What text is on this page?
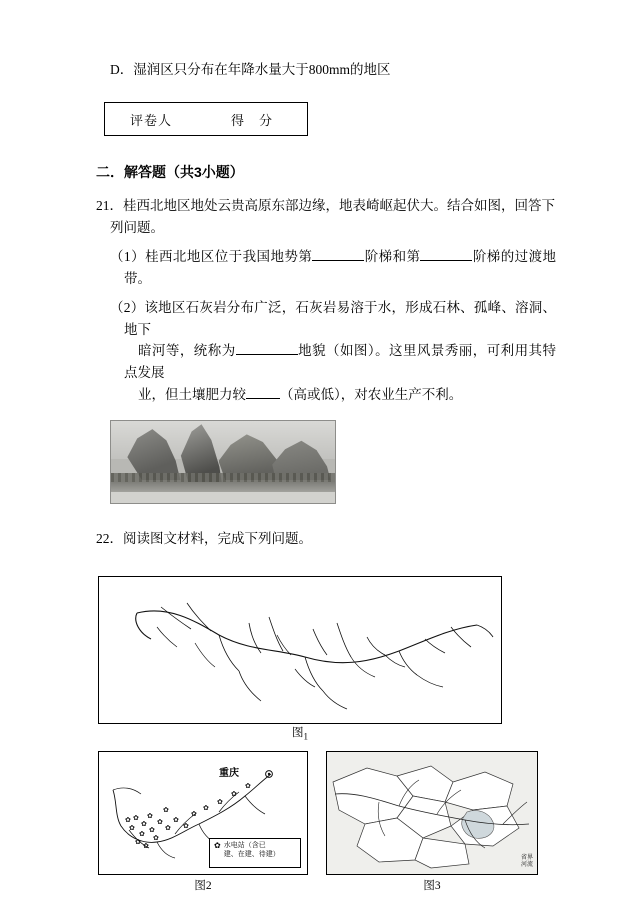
D．湿润区只分布在年降水量大于800mm的地区
评卷人	得　分
二．解答题（共3小题）
21．桂西北地区地处云贵高原东部边缘，地表崎岖起伏大。结合如图，回答下
列问题。
（1）桂西北地区位于我国地势第	阶梯和第	阶梯的过渡地带。
（2）该地区石灰岩分布广泛，石灰岩易溶于水，形成石林、孤峰、溶洞、地下
暗河等，统称为	地貌（如图）。这里风景秀丽，可利用其特点发展
业，但土壤肥力较	（高或低），对农业生产不利。
22．阅读图文材料，完成下列问题。
图$_1$
✿
✿
✿
✿
✿
✿
✿
✿
✿
✿
✿
✿
✿
✿
✿
✿
✿
✿
✿
✿
重庆
✿ 水电站（含已
建、在建、待建）	省界
河流
图2	图3
